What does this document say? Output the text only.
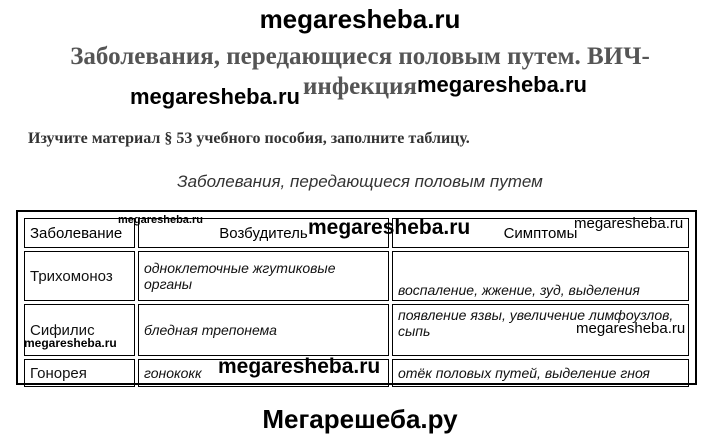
megaresheba.ru
Заболевания, передающиеся половым путем. ВИЧ-
инфекция
megaresheba.ru	megaresheba.ru
Изучите материал § 53 учебного пособия, заполните таблицу.
Заболевания, передающиеся половым путем
Заболевание	Возбудитель	Симптомы
Трихомоноз	одноклеточные жгутиковые органы	воспаление, жжение, зуд, выделения
Сифилис	бледная трепонема	появление язвы, увеличение лимфоузлов, сыпь
Гонорея	гонококк	отёк половых путей, выделение гноя
megaresheba.ru	megaresheba.ru	megaresheba.ru
megaresheba.ru
megaresheba.ru
megaresheba.ru
Мегарешеба.ру
